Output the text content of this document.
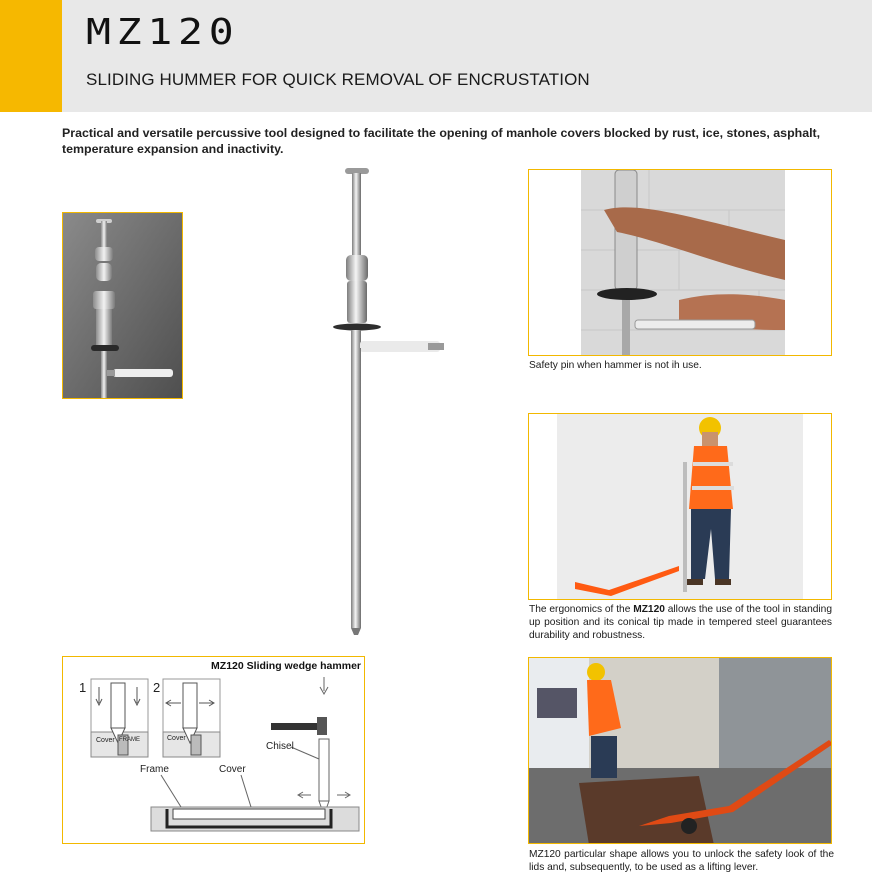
MZ120
SLIDING HUMMER FOR QUICK REMOVAL OF ENCRUSTATION

Practical and versatile percussive tool designed to facilitate the opening of manhole covers blocked by rust, ice, stones, asphalt, temperature expansion and inactivity.

Safety pin when hammer is not ih use.
The ergonomics of the MZ120 allows the use of the tool in standing up position and its conical tip made in tempered steel guarantees durability and robustness.
MZ120 particular shape allows you to unlock the safety look of the lids and, subsequently, to be used as a lifting lever.
MZ120 Sliding wedge hammer
1	2
Cover	Cover
FRAME
Chisel
Frame	Cover
